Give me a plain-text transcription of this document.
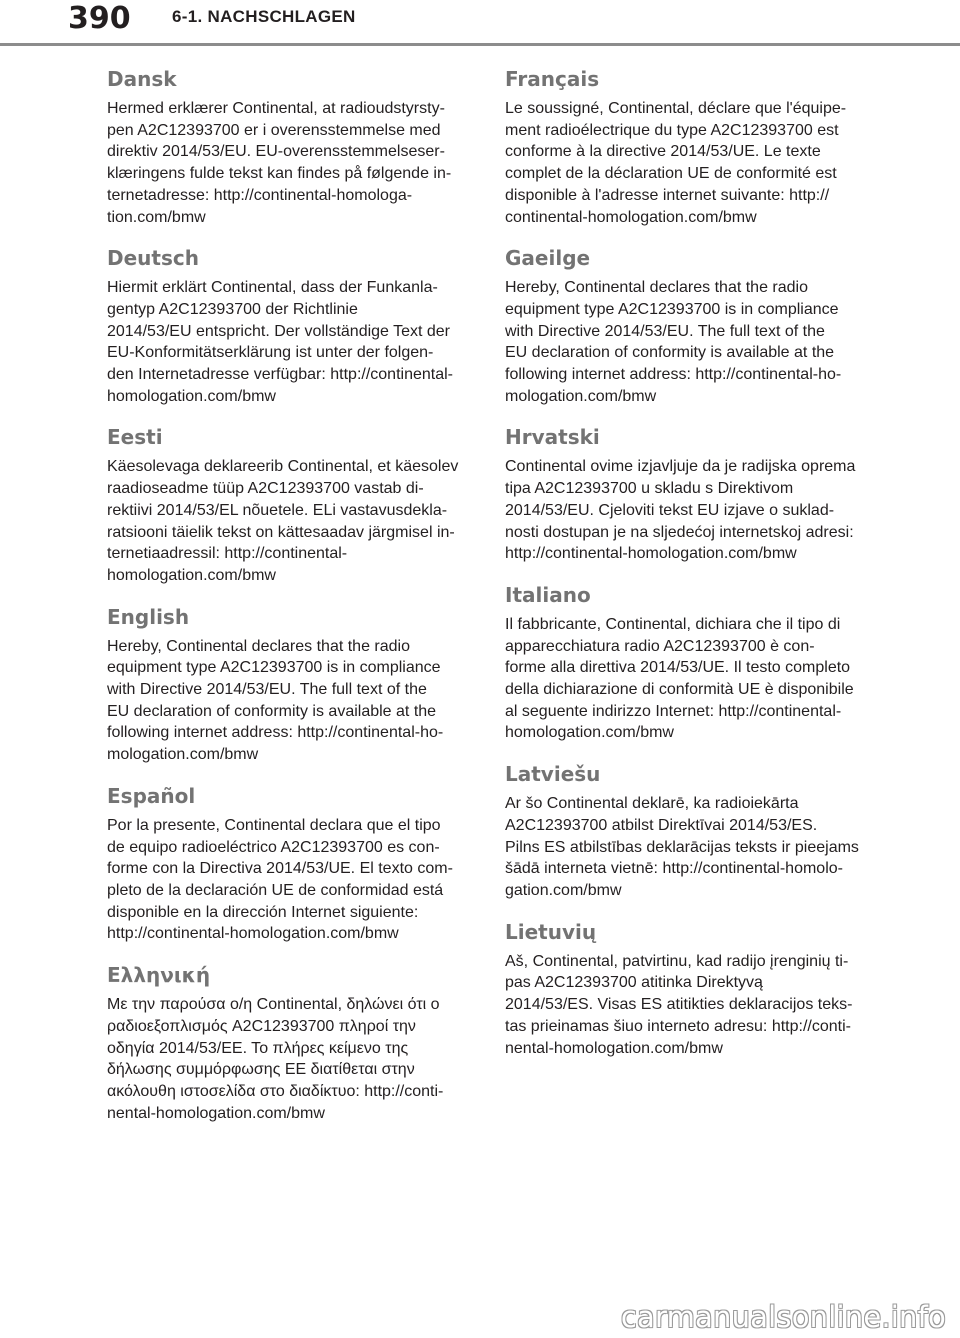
390 6-1. NACHSCHLAGEN
Dansk

Hermed erklærer Continental, at radioudstyrsty-
pen A2C12393700 er i overensstemmelse med
direktiv 2014/53/EU. EU-overensstemmelseser-
klæringens fulde tekst kan findes på følgende in-
ternetadresse: http://continental-homologa-
tion.com/bmw

Deutsch

Hiermit erklärt Continental, dass der Funkanla-
gentyp A2C12393700 der Richtlinie
2014/53/EU entspricht. Der vollständige Text der
EU-Konformitätserklärung ist unter der folgen-
den Internetadresse verfügbar: http://continental-
homologation.com/bmw

Eesti

Käesolevaga deklareerib Continental, et käesolev
raadioseadme tüüp A2C12393700 vastab di-
rektiivi 2014/53/EL nõuetele. ELi vastavusdekla-
ratsiooni täielik tekst on kättesaadav järgmisel in-
ternetiaadressil: http://continental-
homologation.com/bmw

English

Hereby, Continental declares that the radio
equipment type A2C12393700 is in compliance
with Directive 2014/53/EU. The full text of the
EU declaration of conformity is available at the
following internet address: http://continental-ho-
mologation.com/bmw

Español

Por la presente, Continental declara que el tipo
de equipo radioeléctrico A2C12393700 es con-
forme con la Directiva 2014/53/UE. El texto com-
pleto de la declaración UE de conformidad está
disponible en la dirección Internet siguiente:
http://continental-homologation.com/bmw

Ελληνική

Με την παρούσα ο/η Continental, δηλώνει ότι ο
ραδιοεξοπλισμός A2C12393700 πληροί την
οδηγία 2014/53/ΕΕ. Το πλήρες κείμενο της
δήλωσης συμμόρφωσης ΕΕ διατίθεται στην
ακόλουθη ιστοσελίδα στο διαδίκτυο: http://conti-
nental-homologation.com/bmw

Français

Le soussigné, Continental, déclare que l'équipe-
ment radioélectrique du type A2C12393700 est
conforme à la directive 2014/53/UE. Le texte
complet de la déclaration UE de conformité est
disponible à l'adresse internet suivante: http://
continental-homologation.com/bmw

Gaeilge

Hereby, Continental declares that the radio
equipment type A2C12393700 is in compliance
with Directive 2014/53/EU. The full text of the
EU declaration of conformity is available at the
following internet address: http://continental-ho-
mologation.com/bmw

Hrvatski

Continental ovime izjavljuje da je radijska oprema
tipa A2C12393700 u skladu s Direktivom
2014/53/EU. Cjeloviti tekst EU izjave o suklad-
nosti dostupan je na sljedećoj internetskoj adresi:
http://continental-homologation.com/bmw

Italiano

Il fabbricante, Continental, dichiara che il tipo di
apparecchiatura radio A2C12393700 è con-
forme alla direttiva 2014/53/UE. Il testo completo
della dichiarazione di conformità UE è disponibile
al seguente indirizzo Internet: http://continental-
homologation.com/bmw

Latviešu

Ar šo Continental deklarē, ka radioiekārta
A2C12393700 atbilst Direktīvai 2014/53/ES.
Pilns ES atbilstības deklarācijas teksts ir pieejams
šādā interneta vietnē: http://continental-homolo-
gation.com/bmw

Lietuvių

Aš, Continental, patvirtinu, kad radijo įrenginių ti-
pas A2C12393700 atitinka Direktyvą
2014/53/ES. Visas ES atitikties deklaracijos teks-
tas prieinamas šiuo interneto adresu: http://conti-
nental-homologation.com/bmw

carmanualsonline.info
